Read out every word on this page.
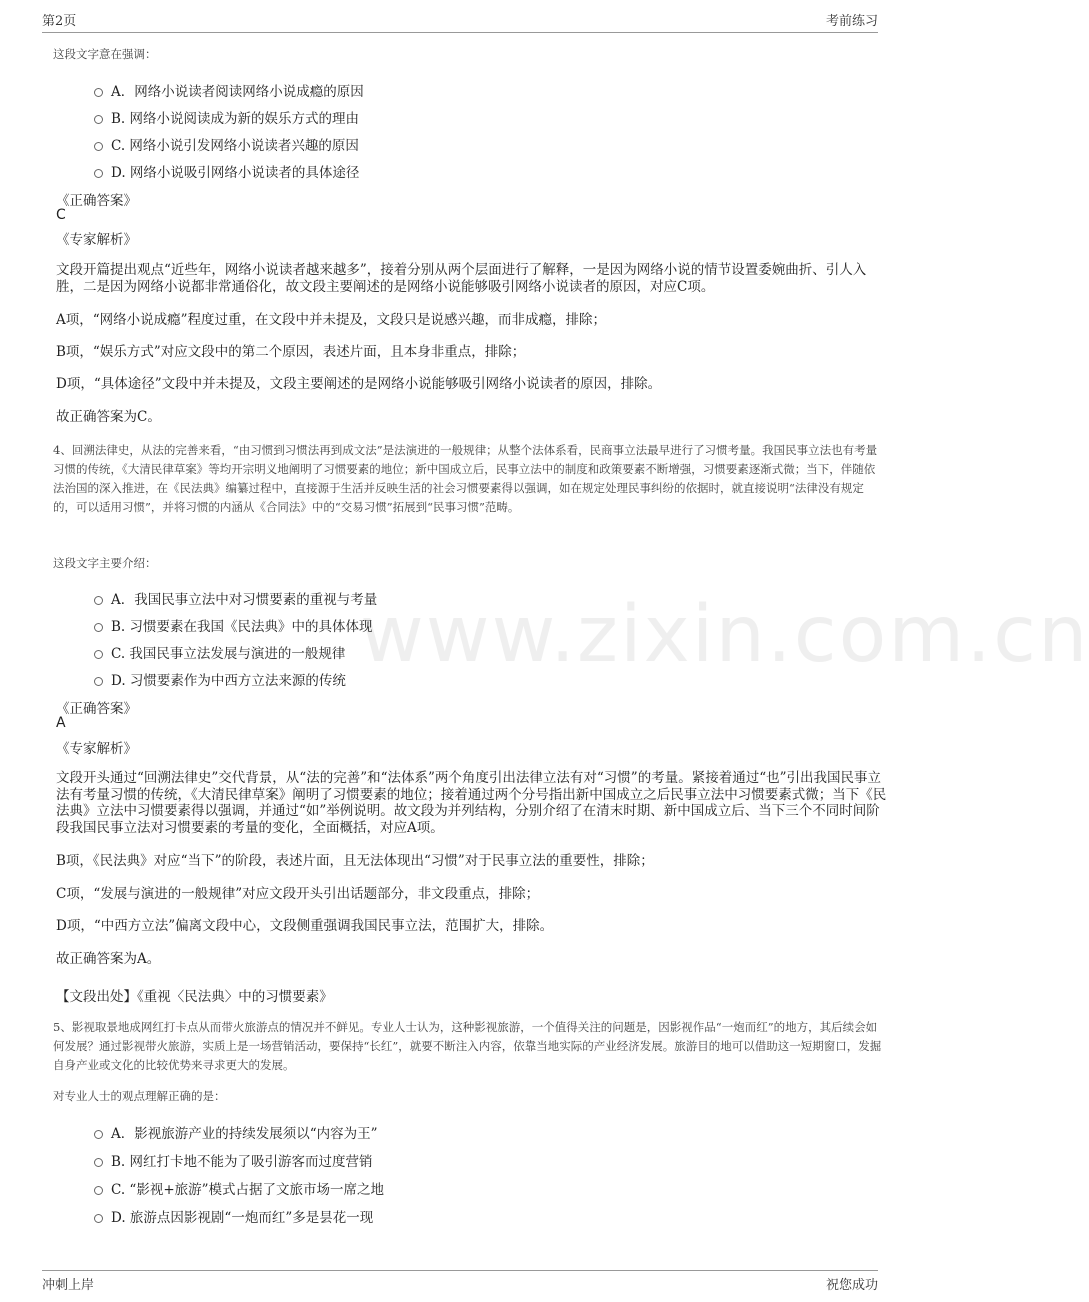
第2页	考前练习
www.zixin.com.cn
这段文字意在强调：
A．网络小说读者阅读网络小说成瘾的原因
B. 网络小说阅读成为新的娱乐方式的理由
C. 网络小说引发网络小说读者兴趣的原因
D. 网络小说吸引网络小说读者的具体途径
《正确答案》
C
《专家解析》
文段开篇提出观点“近些年，网络小说读者越来越多”，接着分别从两个层面进行了解释，一是因为网络小说的情节设置委婉曲折、引人入胜，二是因为网络小说都非常通俗化，故文段主要阐述的是网络小说能够吸引网络小说读者的原因，对应C项。
A项，“网络小说成瘾”程度过重，在文段中并未提及，文段只是说感兴趣，而非成瘾，排除；
B项，“娱乐方式”对应文段中的第二个原因，表述片面，且本身非重点，排除；
D项，“具体途径”文段中并未提及，文段主要阐述的是网络小说能够吸引网络小说读者的原因，排除。
故正确答案为C。
4、回溯法律史，从法的完善来看，“由习惯到习惯法再到成文法”是法演进的一般规律；从整个法体系看，民商事立法最早进行了习惯考量。我国民事立法也有考量习惯的传统，《大清民律草案》等均开宗明义地阐明了习惯要素的地位；新中国成立后，民事立法中的制度和政策要素不断增强，习惯要素逐渐式微；当下，伴随依法治国的深入推进，在《民法典》编纂过程中，直接源于生活并反映生活的社会习惯要素得以强调，如在规定处理民事纠纷的依据时，就直接说明“法律没有规定的，可以适用习惯”，并将习惯的内涵从《合同法》中的“交易习惯”拓展到“民事习惯”范畴。
这段文字主要介绍：
A．我国民事立法中对习惯要素的重视与考量
B. 习惯要素在我国《民法典》中的具体体现
C. 我国民事立法发展与演进的一般规律
D. 习惯要素作为中西方立法来源的传统
《正确答案》
A
《专家解析》
文段开头通过“回溯法律史”交代背景，从“法的完善”和“法体系”两个角度引出法律立法有对“习惯”的考量。紧接着通过“也”引出我国民事立法有考量习惯的传统，《大清民律草案》阐明了习惯要素的地位；接着通过两个分号指出新中国成立之后民事立法中习惯要素式微；当下《民法典》立法中习惯要素得以强调，并通过“如”举例说明。故文段为并列结构，分别介绍了在清末时期、新中国成立后、当下三个不同时间阶段我国民事立法对习惯要素的考量的变化，全面概括，对应A项。
B项，《民法典》对应“当下”的阶段，表述片面，且无法体现出“习惯”对于民事立法的重要性，排除；
C项，“发展与演进的一般规律”对应文段开头引出话题部分，非文段重点，排除；
D项，“中西方立法”偏离文段中心，文段侧重强调我国民事立法，范围扩大，排除。
故正确答案为A。
【文段出处】《重视〈民法典〉中的习惯要素》
5、影视取景地成网红打卡点从而带火旅游点的情况并不鲜见。专业人士认为，这种影视旅游，一个值得关注的问题是，因影视作品“一炮而红”的地方，其后续会如何发展？通过影视带火旅游，实质上是一场营销活动，要保持“长红”，就要不断注入内容，依靠当地实际的产业经济发展。旅游目的地可以借助这一短期窗口，发掘自身产业或文化的比较优势来寻求更大的发展。
对专业人士的观点理解正确的是：
A．影视旅游产业的持续发展须以“内容为王”
B. 网红打卡地不能为了吸引游客而过度营销
C. “影视+旅游”模式占据了文旅市场一席之地
D. 旅游点因影视剧“一炮而红”多是昙花一现
冲刺上岸	祝您成功
